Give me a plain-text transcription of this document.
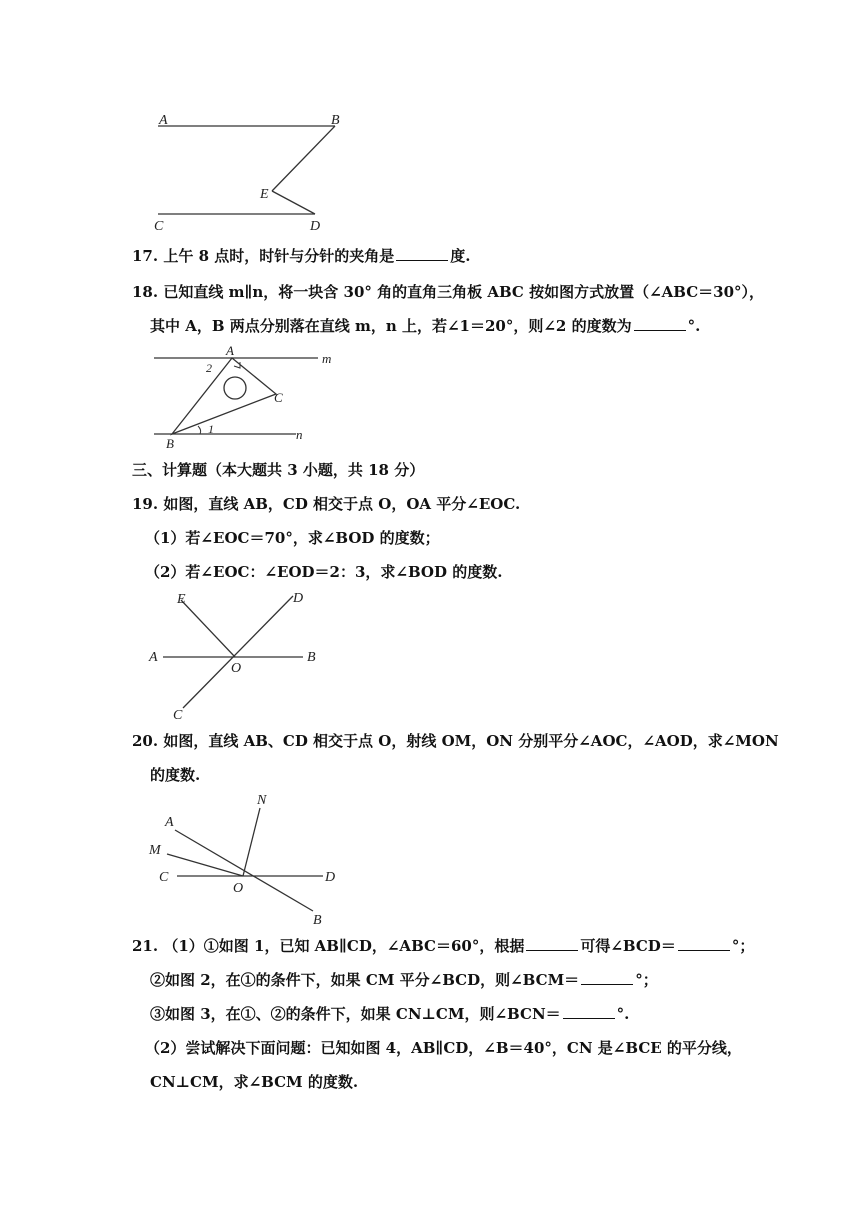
A	B
E
C	D
17. 上午 8 点时，时针与分针的夹角是	度.
18. 已知直线 m∥n，将一块含 30° 角的直角三角板 ABC 按如图方式放置（∠ABC＝30°），
其中 A，B 两点分别落在直线 m，n 上，若∠1＝20°，则∠2 的度数为	°.
A
m
2
C
B
1	n
三、计算题（本大题共 3 小题，共 18 分）
19. 如图，直线 AB，CD 相交于点 O，OA 平分∠EOC.
（1）若∠EOC＝70°，求∠BOD 的度数；
（2）若∠EOC：∠EOD＝2：3，求∠BOD 的度数.
E	D
A
O
B
C
20. 如图，直线 AB、CD 相交于点 O，射线 OM，ON 分别平分∠AOC，∠AOD，求∠MON
的度数.
N
A
M
C
O
D
B
21. （1）①如图 1，已知 AB∥CD，∠ABC＝60°，根据	可得∠BCD＝	°；
②如图 2，在①的条件下，如果 CM 平分∠BCD，则∠BCM＝	°；
③如图 3，在①、②的条件下，如果 CN⊥CM，则∠BCN＝	°.
（2）尝试解决下面问题：已知如图 4，AB∥CD，∠B＝40°，CN 是∠BCE 的平分线，
CN⊥CM，求∠BCM 的度数.
